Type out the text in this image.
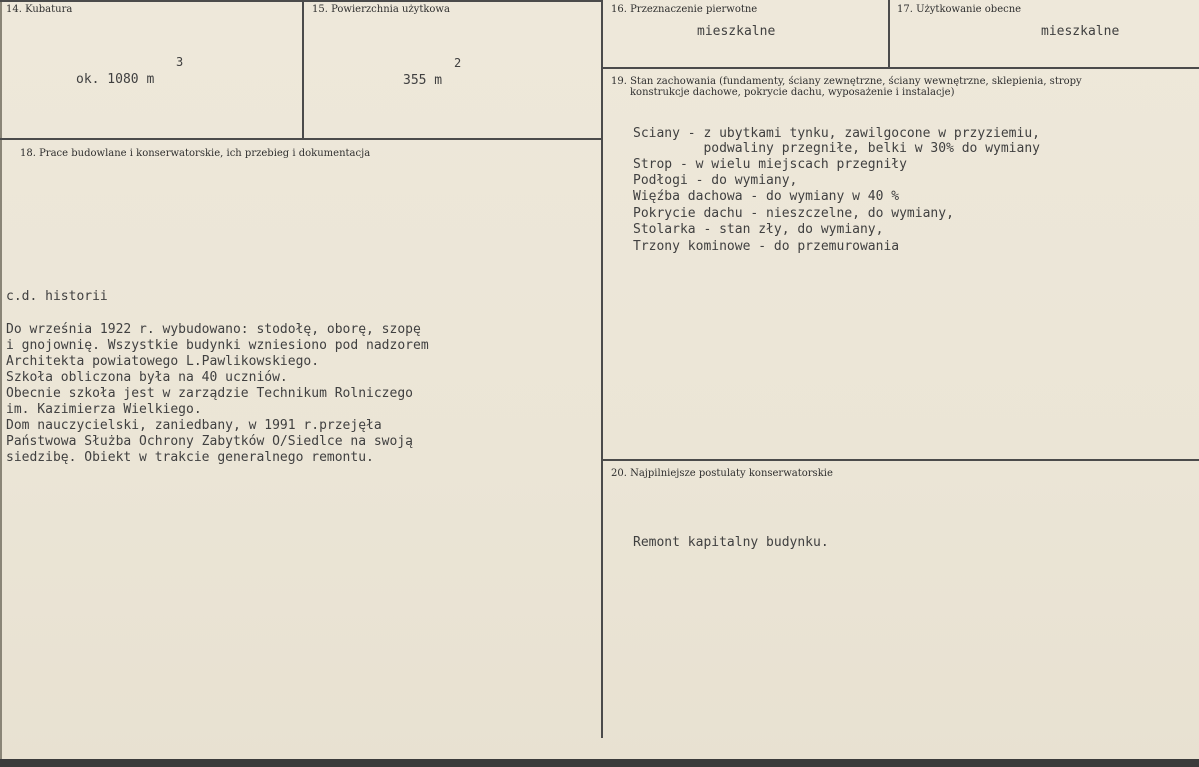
14. Kubatura
3
ok. 1080 m
15. Powierzchnia użytkowa
2
355 m
16. Przeznaczenie pierwotne
mieszkalne
17. Użytkowanie obecne
mieszkalne
18. Prace budowlane i konserwatorskie, ich przebieg i dokumentacja
c.d. historii
Do września 1922 r. wybudowano: stodołę, oborę, szopę
i gnojownię. Wszystkie budynki wzniesiono pod nadzorem
Architekta powiatowego L.Pawlikowskiego.
Szkoła obliczona była na 40 uczniów.
Obecnie szkoła jest w zarządzie Technikum Rolniczego
im. Kazimierza Wielkiego.
Dom nauczycielski, zaniedbany, w 1991 r.przejęła
Państwowa Służba Ochrony Zabytków O/Siedlce na swoją
siedzibę. Obiekt w trakcie generalnego remontu.
19. Stan zachowania (fundamenty, ściany zewnętrzne, ściany wewnętrzne, sklepienia, stropy
konstrukcje dachowe, pokrycie dachu, wyposażenie i instalacje)
Sciany - z ubytkami tynku, zawilgocone w przyziemiu,
podwaliny przegniłe, belki w 30% do wymiany
Strop - w wielu miejscach przegniły
Podłogi - do wymiany,
Więźba dachowa - do wymiany w 40 %
Pokrycie dachu - nieszczelne, do wymiany,
Stolarka - stan zły, do wymiany,
Trzony kominowe - do przemurowania
20. Najpilniejsze postulaty konserwatorskie
Remont kapitalny budynku.
